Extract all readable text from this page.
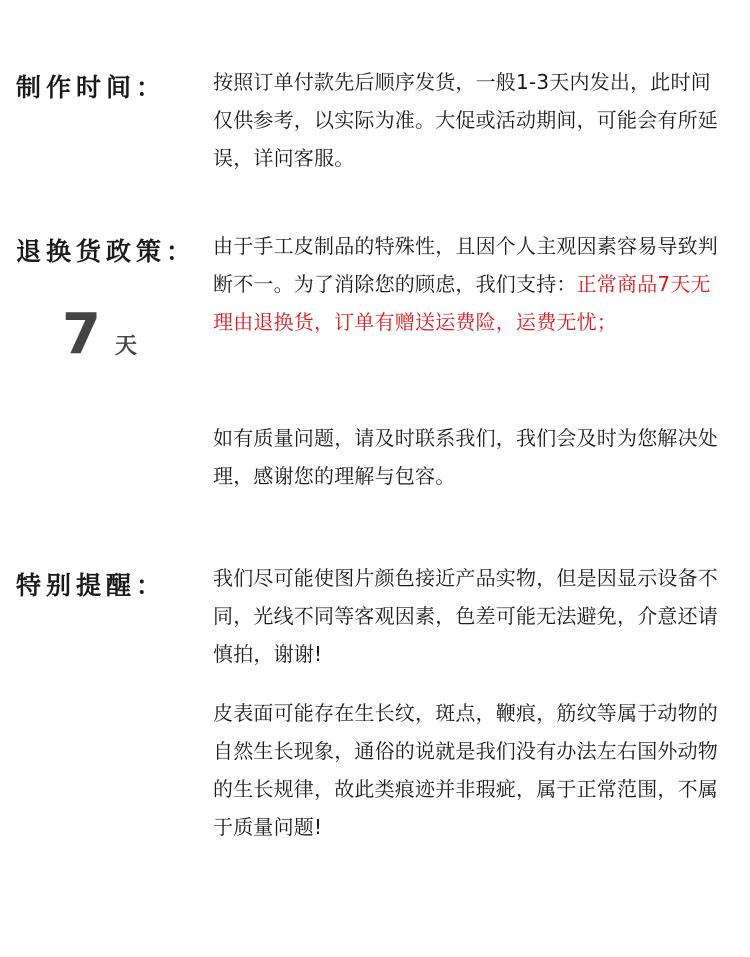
制作时间： 按照订单付款先后顺序发货，一般1-3天内发出，此时间仅供参考，以实际为准。大促或活动期间，可能会有所延误，详问客服。

退换货政策：
7 天

由于手工皮制品的特殊性，且因个人主观因素容易导致判断不一。为了消除您的顾虑，我们支持：正常商品7天无理由退换货，订单有赠送运费险，运费无忧；

如有质量问题，请及时联系我们，我们会及时为您解决处理，感谢您的理解与包容。

特别提醒： 我们尽可能使图片颜色接近产品实物，但是因显示设备不同，光线不同等客观因素，色差可能无法避免，介意还请慎拍，谢谢!

皮表面可能存在生长纹，斑点，鞭痕，筋纹等属于动物的自然生长现象，通俗的说就是我们没有办法左右国外动物的生长规律，故此类痕迹并非瑕疵，属于正常范围，不属于质量问题!
